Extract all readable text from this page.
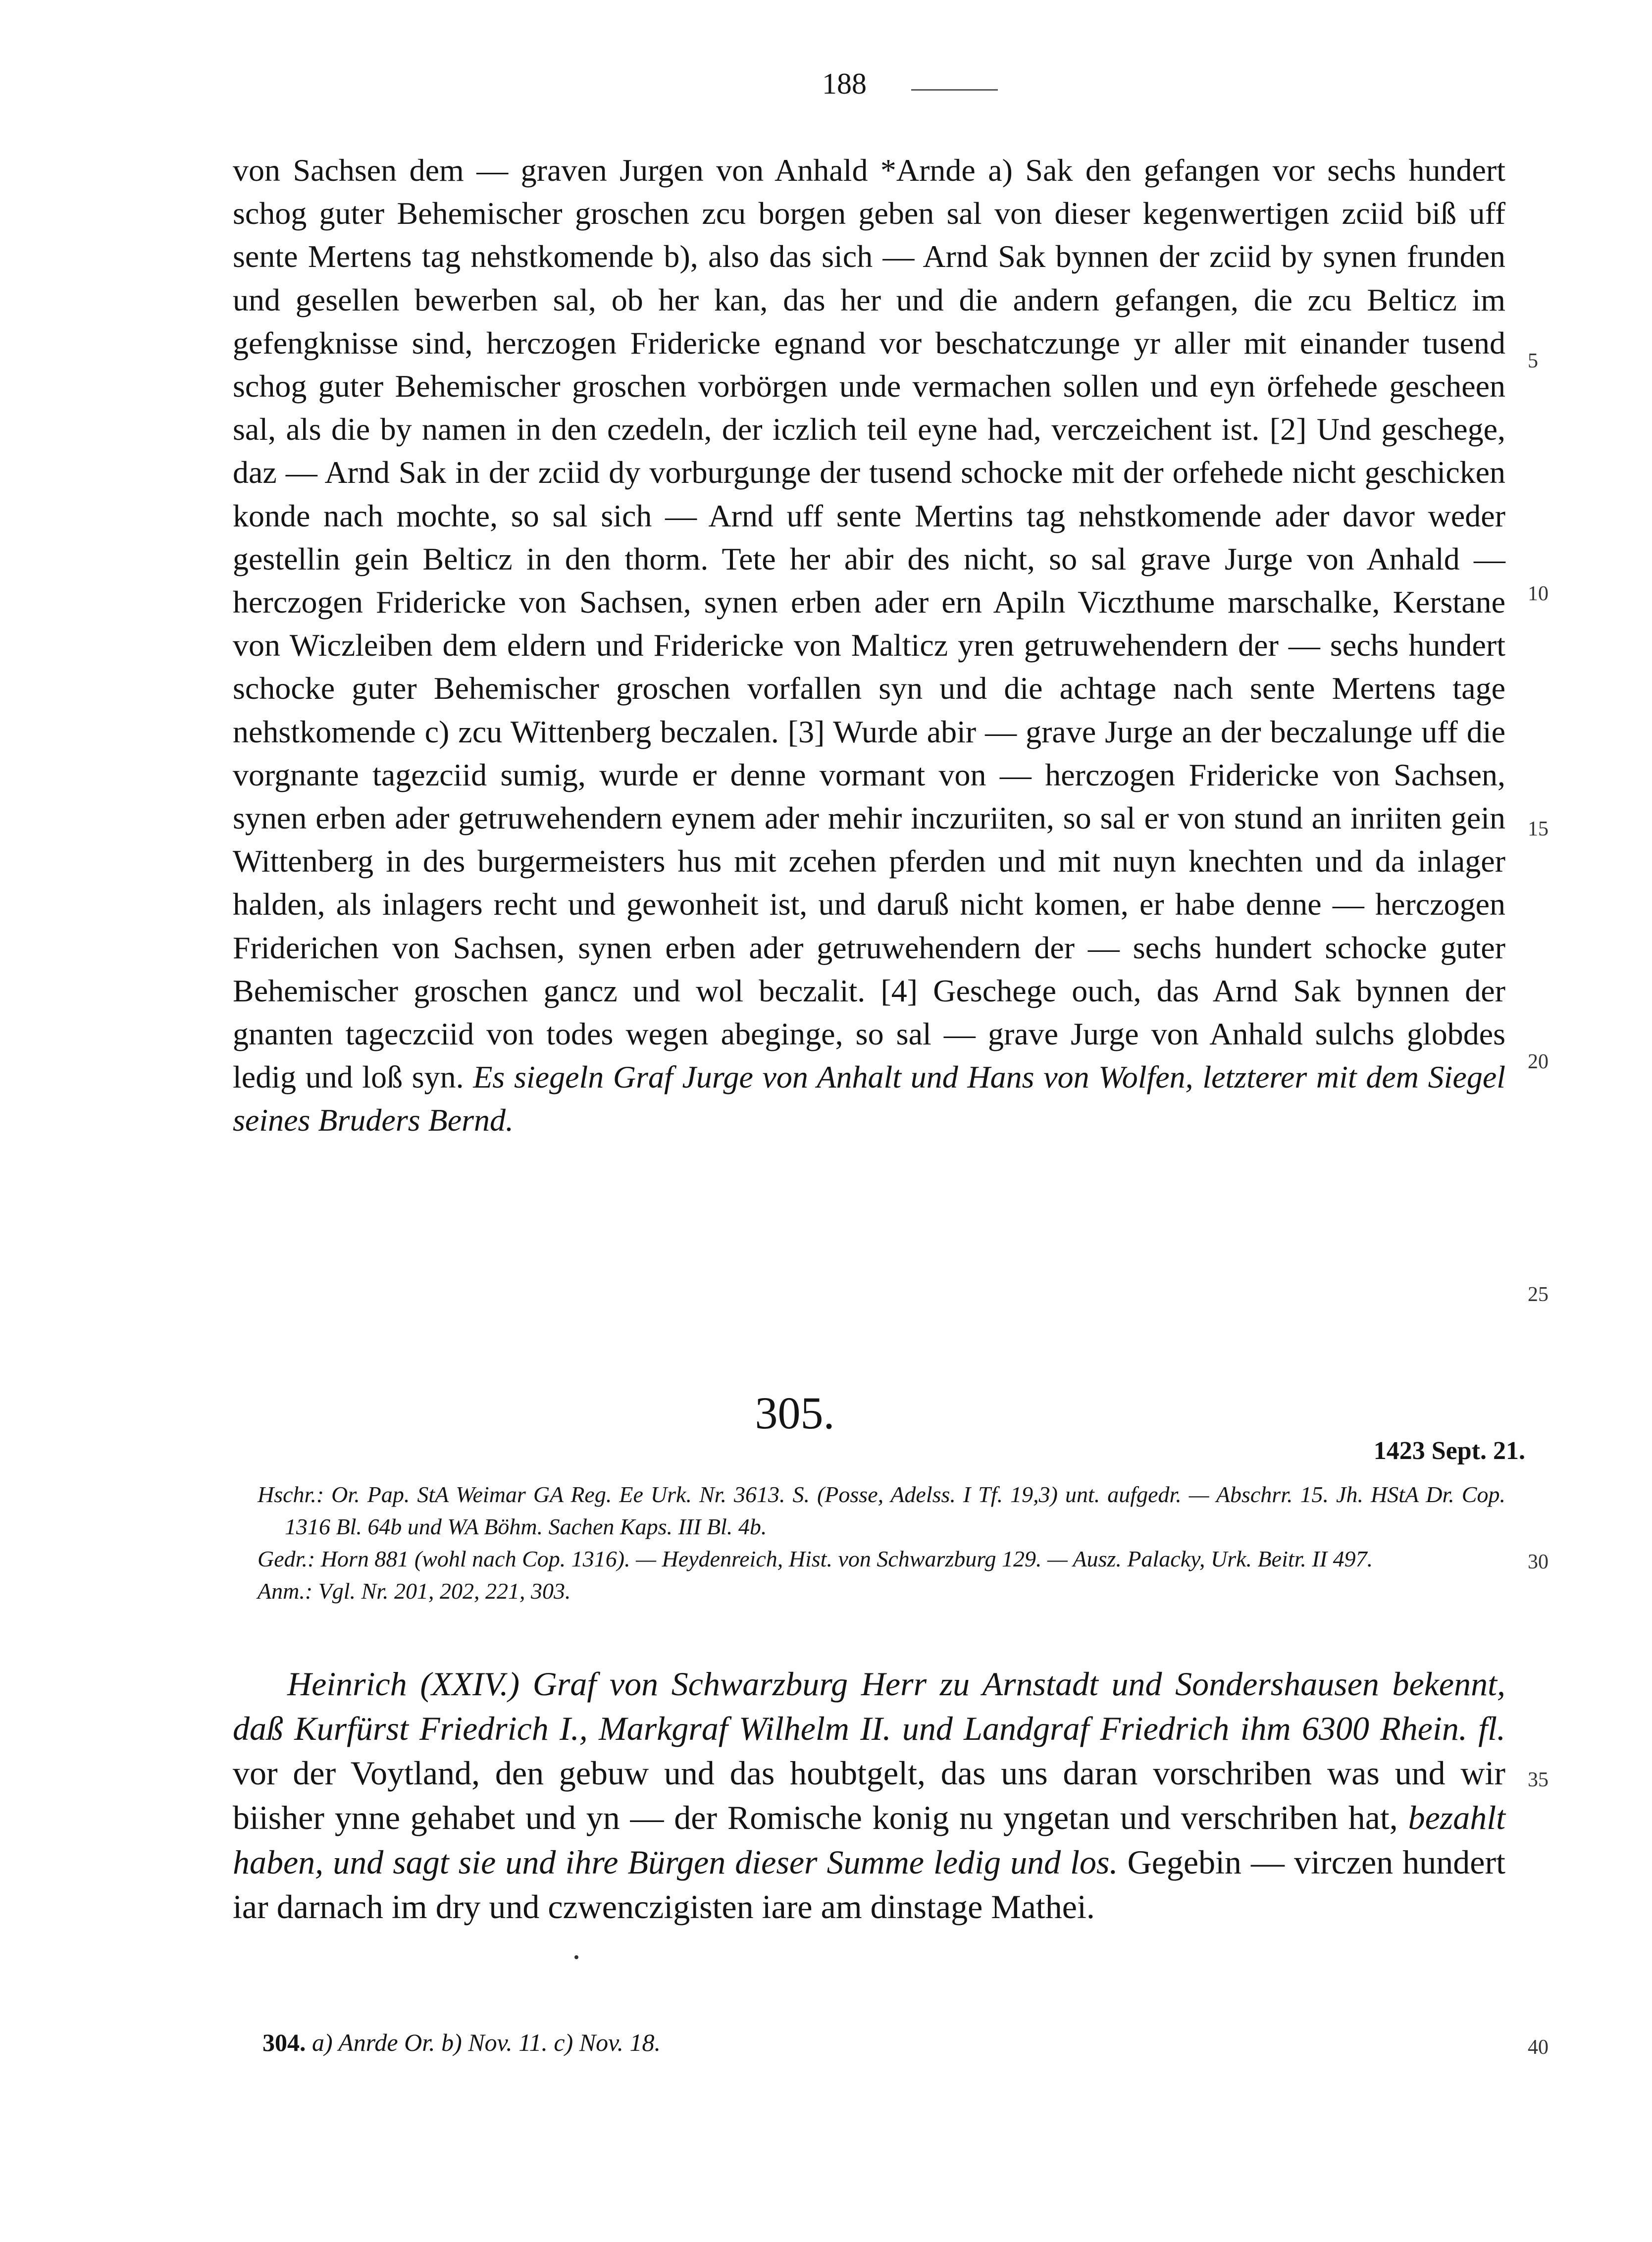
188
von Sachsen dem — graven Jurgen von Anhald *Arnde a) Sak den gefangen vor sechs hundert schog guter Behemischer groschen zcu borgen geben sal von dieser kegenwertigen zciid biß uff sente Mertens tag nehstkomende b), also das sich — Arnd Sak bynnen der zciid by synen frunden und gesellen bewerben sal, ob her kan, das her und die andern gefangen, die zcu Belticz im gefengknisse sind, herczogen Fridericke egnand vor beschatczunge yr aller mit einander tusend schog guter Behemischer groschen vorbörgen unde vermachen sollen und eyn örfehede gescheen sal, als die by namen in den czedeln, der iczlich teil eyne had, verczeichent ist. [2] Und geschege, daz — Arnd Sak in der zciid dy vorburgunge der tusend schocke mit der orfehede nicht geschicken konde nach mochte, so sal sich — Arnd uff sente Mertins tag nehstkomende ader davor weder gestellin gein Belticz in den thorm. Tete her abir des nicht, so sal grave Jurge von Anhald — herczogen Fridericke von Sachsen, synen erben ader ern Apiln Viczthume marschalke, Kerstane von Wiczleiben dem eldern und Fridericke von Malticz yren getruwehendern der — sechs hundert schocke guter Behemischer groschen vorfallen syn und die achtage nach sente Mertens tage nehstkomende c) zcu Wittenberg beczalen. [3] Wurde abir — grave Jurge an der beczalunge uff die vorgnante tagezciid sumig, wurde er denne vormant von — herczogen Fridericke von Sachsen, synen erben ader getruwehendern eynem ader mehir inczuriiten, so sal er von stund an inriiten gein Wittenberg in des burgermeisters hus mit zcehen pferden und mit nuyn knechten und da inlager halden, als inlagers recht und gewonheit ist, und daruß nicht komen, er habe denne — herczogen Friderichen von Sachsen, synen erben ader getruwehendern der — sechs hundert schocke guter Behemischer groschen gancz und wol beczalit. [4] Geschege ouch, das Arnd Sak bynnen der gnanten tageczciid von todes wegen abeginge, so sal — grave Jurge von Anhald sulchs globdes ledig und loß syn. Es siegeln Graf Jurge von Anhalt und Hans von Wolfen, letzterer mit dem Siegel seines Bruders Bernd.
305.
1423 Sept. 21.
Hschr.: Or. Pap. StA Weimar GA Reg. Ee Urk. Nr. 3613. S. (Posse, Adelss. I Tf. 19,3) unt. aufgedr. — Abschrr. 15. Jh. HStA Dr. Cop. 1316 Bl. 64b und WA Böhm. Sachen Kaps. III Bl. 4b.
Gedr.: Horn 881 (wohl nach Cop. 1316). — Heydenreich, Hist. von Schwarzburg 129. — Ausz. Palacky, Urk. Beitr. II 497.
Anm.: Vgl. Nr. 201, 202, 221, 303.
Heinrich (XXIV.) Graf von Schwarzburg Herr zu Arnstadt und Sondershausen bekennt, daß Kurfürst Friedrich I., Markgraf Wilhelm II. und Landgraf Friedrich ihm 6300 Rhein. fl. vor der Voytland, den gebuw und das houbtgelt, das uns daran vorschriben was und wir biisher ynne gehabet und yn — der Romische konig nu yngetan und verschriben hat, bezahlt haben, und sagt sie und ihre Bürgen dieser Summe ledig und los. Gegebin — virczen hundert iar darnach im dry und czwenczigisten iare am dinstage Mathei.
304. a) Anrde Or. b) Nov. 11. c) Nov. 18.
5
10
15
20
25
30
35
40
